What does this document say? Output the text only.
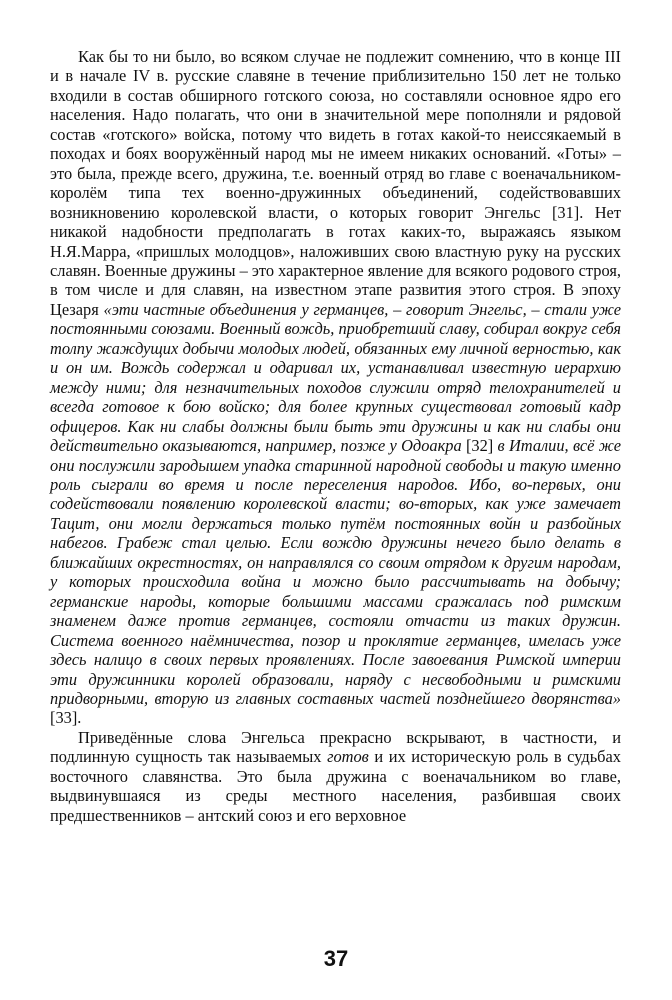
Как бы то ни было, во всяком случае не подлежит сомнению, что в конце III и в начале IV в. русские славяне в течение приблизительно 150 лет не только входили в состав обширного готского союза, но составляли основное ядро его населения. Надо полагать, что они в значительной мере пополняли и рядовой состав «готского» войска, потому что видеть в готах какой-то неиссякаемый в походах и боях вооружённый народ мы не имеем никаких оснований. «Готы» – это была, прежде всего, дружина, т.е. военный отряд во главе с военачальником-королём типа тех военно-дружинных объединений, содействовавших возникновению королевской власти, о которых говорит Энгельс [31]. Нет никакой надобности предполагать в готах каких-то, выражаясь языком Н.Я.Марра, «пришлых молодцов», наложивших свою властную руку на русских славян. Военные дружины – это характерное явление для всякого родового строя, в том числе и для славян, на известном этапе развития этого строя. В эпоху Цезаря «эти частные объединения у германцев, – говорит Энгельс, – стали уже постоянными союзами. Военный вождь, приобретший славу, собирал вокруг себя толпу жаждущих добычи молодых людей, обязанных ему личной верностью, как и он им. Вождь содержал и одаривал их, устанавливал известную иерархию между ними; для незначительных походов служили отряд телохранителей и всегда готовое к бою войско; для более крупных существовал готовый кадр офицеров. Как ни слабы должны были быть эти дружины и как ни слабы они действительно оказываются, например, позже у Одоакра [32] в Италии, всё же они послужили зародышем упадка старинной народной свободы и такую именно роль сыграли во время и после переселения народов. Ибо, во-первых, они содействовали появлению королевской власти; во-вторых, как уже замечает Тацит, они могли держаться только путём постоянных войн и разбойных набегов. Грабеж стал целью. Если вождю дружины нечего было делать в ближайших окрестностях, он направлялся со своим отрядом к другим народам, у которых происходила война и можно было рассчитывать на добычу; германские народы, которые большими массами сражалась под римским знаменем даже против германцев, состояли отчасти из таких дружин. Система военного наёмничества, позор и проклятие германцев, имелась уже здесь налицо в своих первых проявлениях. После завоевания Римской империи эти дружинники королей образовали, наряду с несвободными и римскими придворными, вторую из главных составных частей позднейшего дворянства» [33].

Приведённые слова Энгельса прекрасно вскрывают, в частности, и подлинную сущность так называемых готов и их историческую роль в судьбах восточного славянства. Это была дружина с военачальником во главе, выдвинувшаяся из среды местного населения, разбившая своих предшественников – антский союз и его верховное

37
